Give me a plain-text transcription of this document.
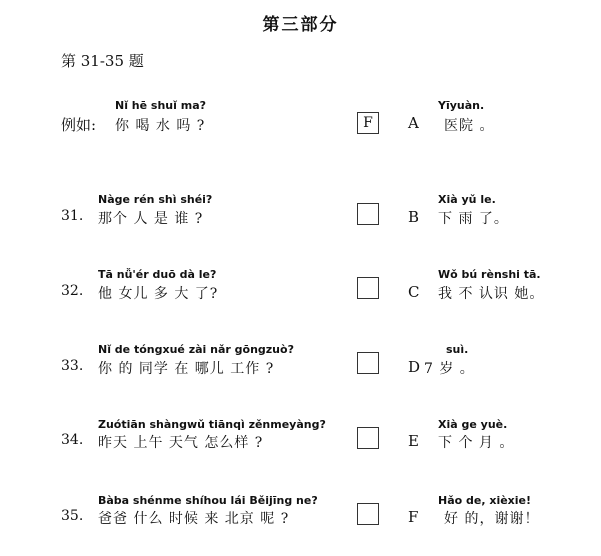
第三部分
第 31-35 题
Nǐ hē shuǐ ma?
例如: 你 喝 水 吗 ?	F
Yīyuàn.
A 医院 。
Nàge rén shì shéi?
31. 那个 人 是 谁 ?
Xià yǔ le.
B 下 雨 了。
Tā nǚ'ér duō dà le?
32. 他 女儿 多 大 了?
Wǒ bú rènshi tā.
C 我 不 认识 她。
Nǐ de tóngxué zài nǎr gōngzuò?
33. 你 的 同学 在 哪儿 工作 ?
suì.
D 7 岁 。
Zuótiān shàngwǔ tiānqì zěnmeyàng?
34. 昨天 上午 天气 怎么样 ?
Xià ge yuè.
E 下 个 月 。
Bàba shénme shíhou lái Běijīng ne?
35. 爸爸 什么 时候 来 北京 呢 ?
Hǎo de, xièxie!
F 好 的，谢谢！
